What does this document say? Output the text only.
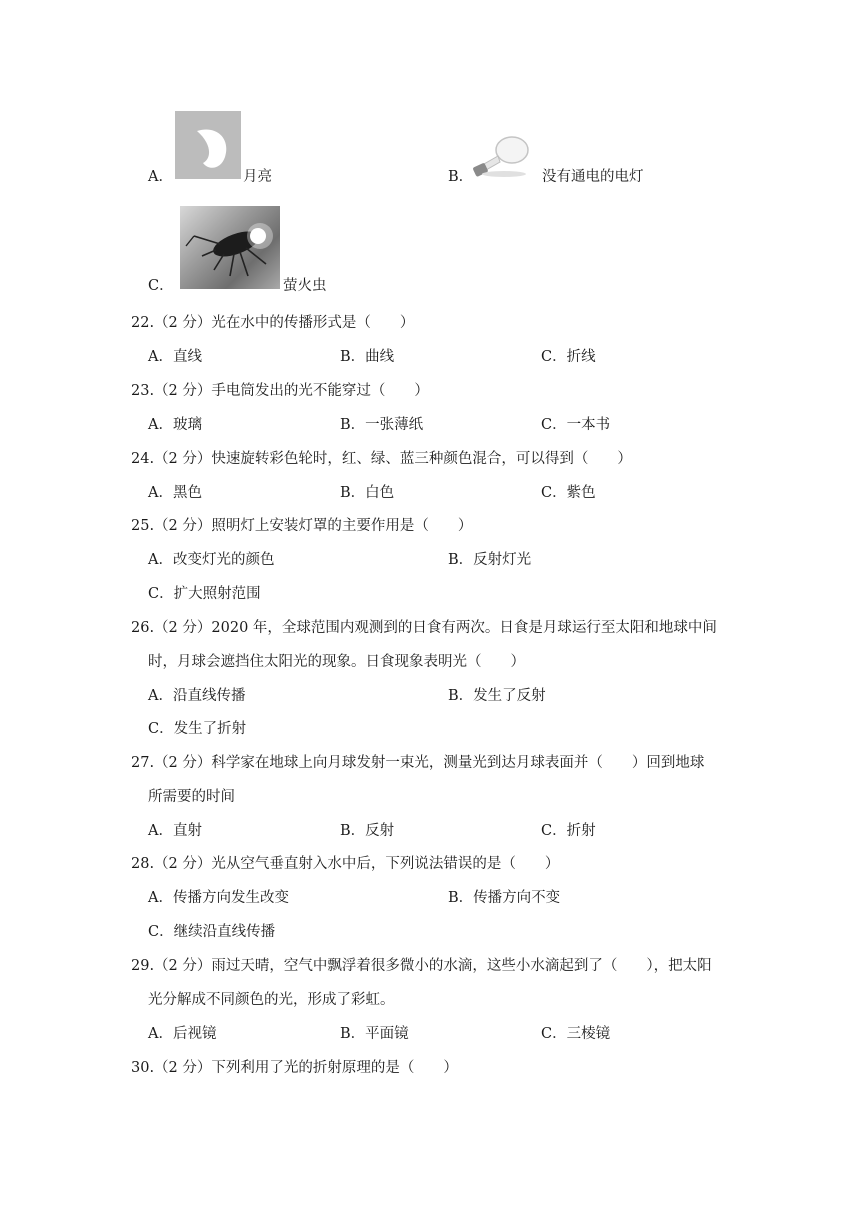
A．	月亮	B．	没有通电的电灯
C．	萤火虫
22.（2 分）光在水中的传播形式是（　　）
A．直线	B．曲线	C．折线
23.（2 分）手电筒发出的光不能穿过（　　）
A．玻璃	B．一张薄纸	C．一本书
24.（2 分）快速旋转彩色轮时，红、绿、蓝三种颜色混合，可以得到（　　）
A．黑色	B．白色	C．紫色
25.（2 分）照明灯上安装灯罩的主要作用是（　　）
A．改变灯光的颜色	B．反射灯光
C．扩大照射范围
26.（2 分）2020 年，全球范围内观测到的日食有两次。日食是月球运行至太阳和地球中间
时，月球会遮挡住太阳光的现象。日食现象表明光（　　）
A．沿直线传播	B．发生了反射
C．发生了折射
27.（2 分）科学家在地球上向月球发射一束光，测量光到达月球表面并（　　）回到地球
所需要的时间
A．直射	B．反射	C．折射
28.（2 分）光从空气垂直射入水中后，下列说法错误的是（　　）
A．传播方向发生改变	B．传播方向不变
C．继续沿直线传播
29.（2 分）雨过天晴，空气中飘浮着很多微小的水滴，这些小水滴起到了（　　），把太阳
光分解成不同颜色的光，形成了彩虹。
A．后视镜	B．平面镜	C．三棱镜
30.（2 分）下列利用了光的折射原理的是（　　）
